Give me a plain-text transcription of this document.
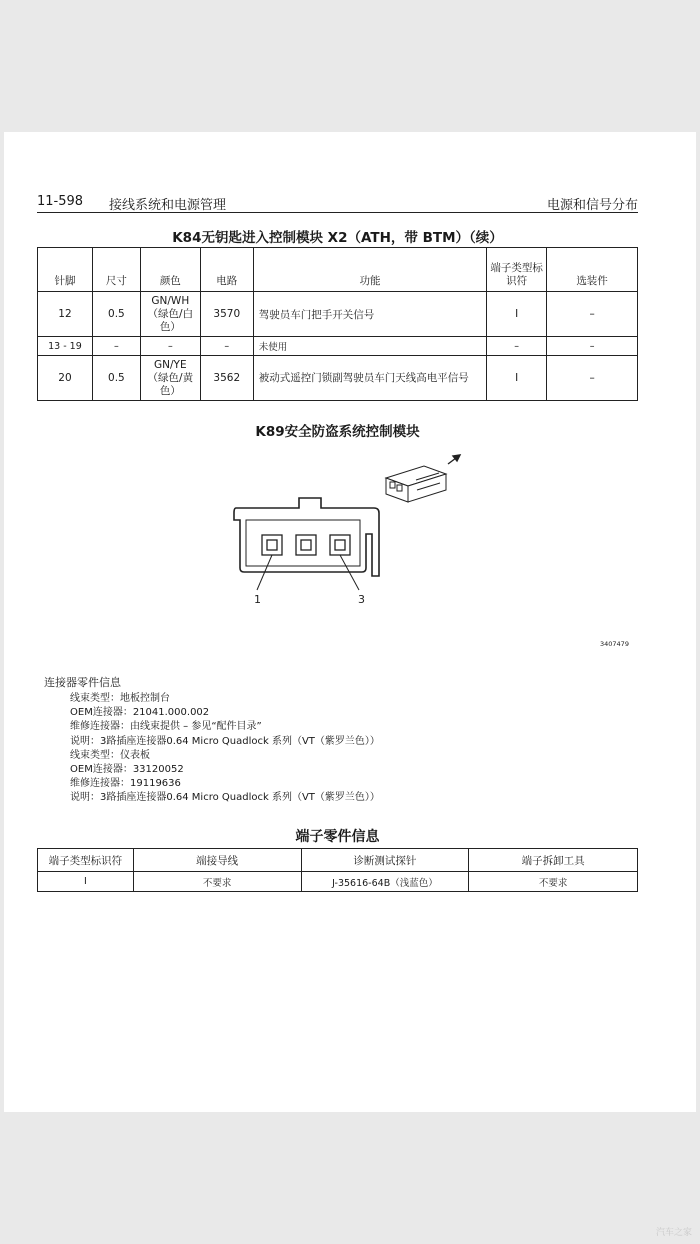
11-598 接线系统和电源管理	电源和信号分布
K84无钥匙进入控制模块 X2（ATH，带 BTM）（续）
针脚	尺寸	颜色	电路	功能	端子类型标识符	选装件
12	0.5	GN/WH（绿色/白色）	3570	驾驶员车门把手开关信号	I	–
13 - 19	–	–	–	未使用	–	–
20	0.5	GN/YE（绿色/黄色）	3562	被动式遥控门锁副驾驶员车门天线高电平信号	I	–
K89安全防盗系统控制模块
1	3
3407479
连接器零件信息
线束类型：地板控制台
OEM连接器：21041.000.002
维修连接器：由线束提供 – 参见“配件目录”
说明：3路插座连接器0.64 Micro Quadlock 系列（VT（紫罗兰色））
线束类型：仪表板
OEM连接器：33120052
维修连接器：19119636
说明：3路插座连接器0.64 Micro Quadlock 系列（VT（紫罗兰色））
端子零件信息
端子类型标识符	端接导线	诊断测试探针	端子拆卸工具
I	不要求	J-35616-64B（浅蓝色）	不要求
汽车之家
